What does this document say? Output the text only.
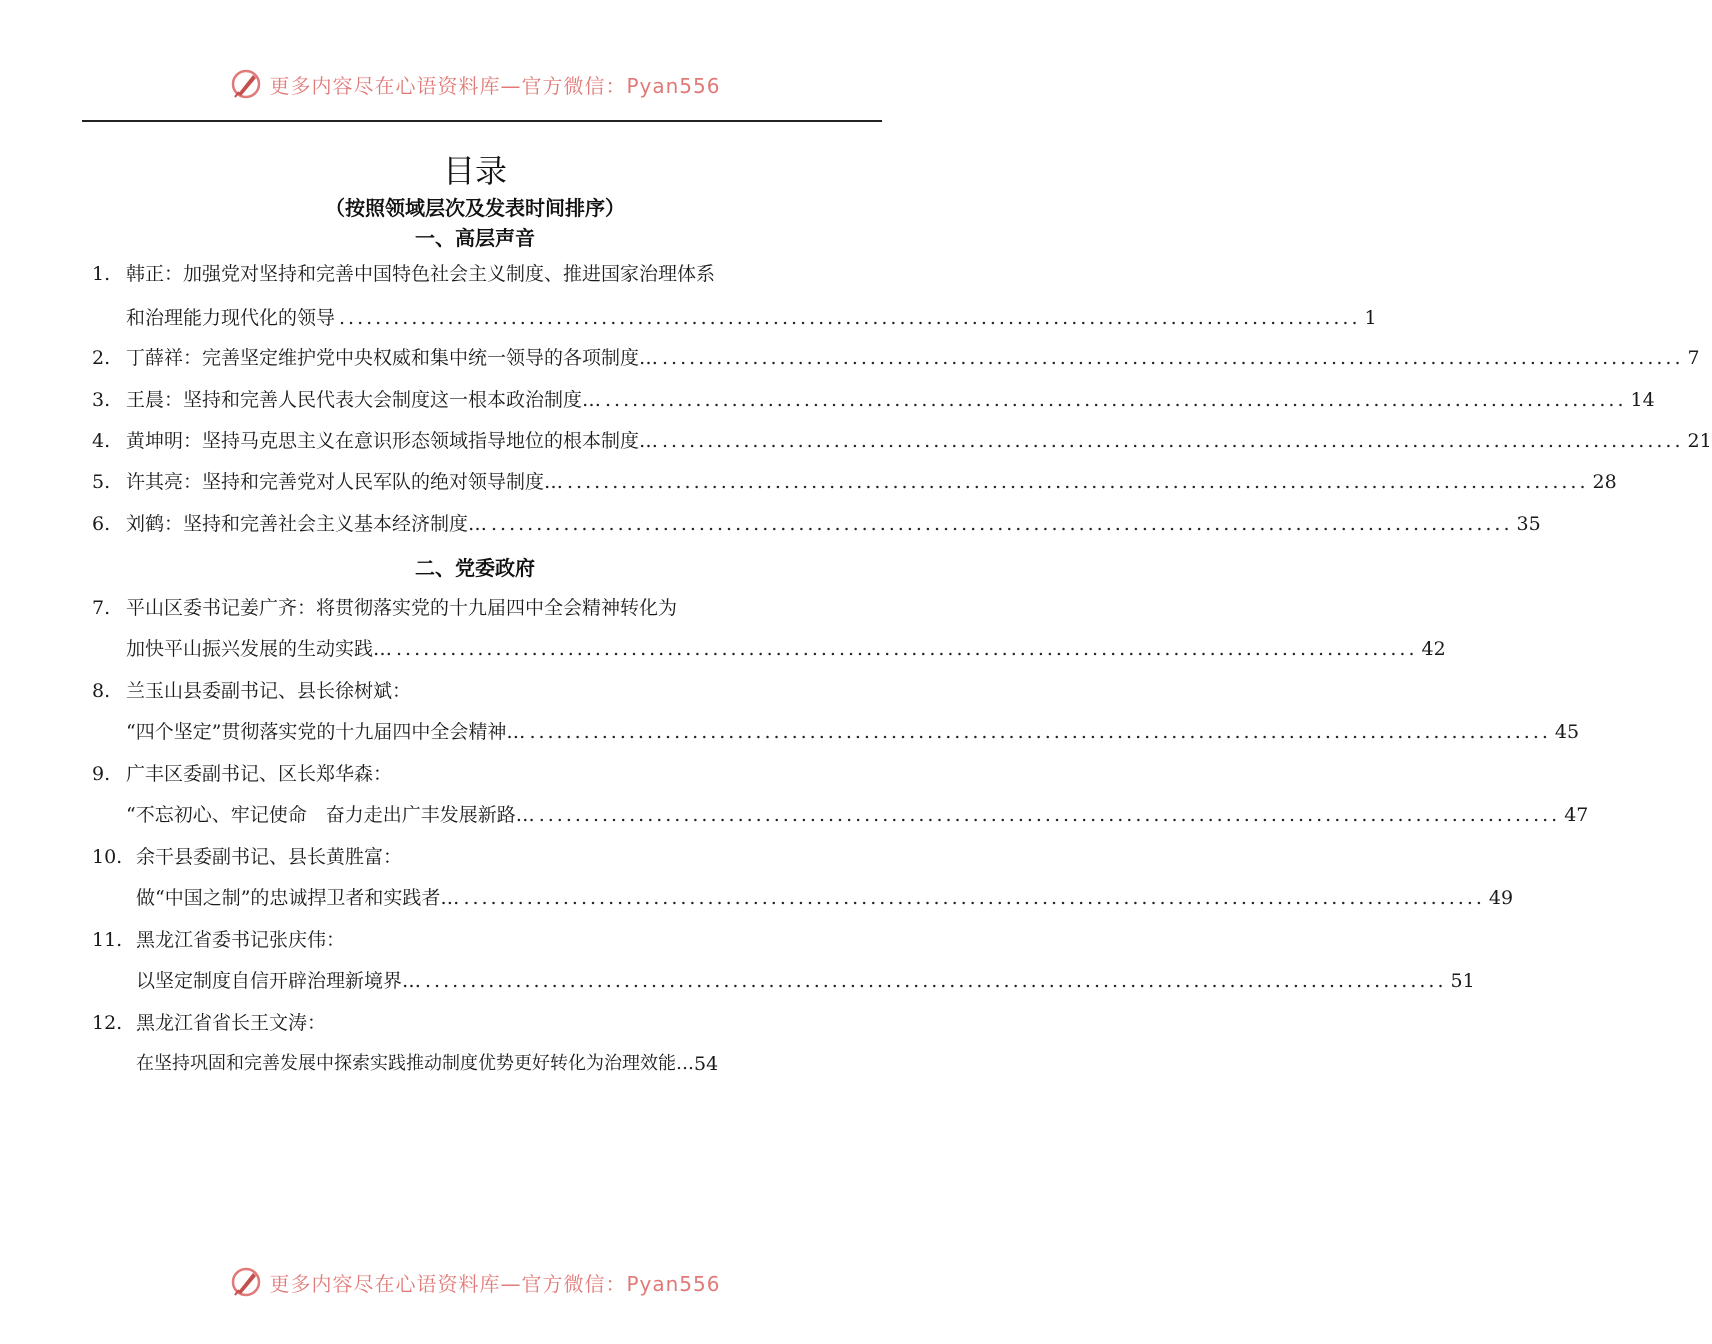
更多内容尽在心语资料库—官方微信：Pyan556
目录
（按照领域层次及发表时间排序）
一、高层声音
1. 韩正：加强党对坚持和完善中国特色社会主义制度、推进国家治理体系
和治理能力现代化的领导 ................................................................................................................. 1
2. 丁薛祥：完善坚定维护党中央权威和集中统一领导的各项制度… ................................................................................................................. 7
3. 王晨：坚持和完善人民代表大会制度这一根本政治制度… ................................................................................................................. 14
4. 黄坤明：坚持马克思主义在意识形态领域指导地位的根本制度… ................................................................................................................. 21
5. 许其亮：坚持和完善党对人民军队的绝对领导制度… ................................................................................................................. 28
6. 刘鹤：坚持和完善社会主义基本经济制度… ................................................................................................................. 35
二、党委政府
7. 平山区委书记姜广齐：将贯彻落实党的十九届四中全会精神转化为
加快平山振兴发展的生动实践… ................................................................................................................. 42
8. 兰玉山县委副书记、县长徐树斌：
“四个坚定”贯彻落实党的十九届四中全会精神… ................................................................................................................. 45
9. 广丰区委副书记、区长郑华森：
“不忘初心、牢记使命　奋力走出广丰发展新路… ................................................................................................................. 47
10. 余干县委副书记、县长黄胜富：
做“中国之制”的忠诚捍卫者和实践者… ................................................................................................................. 49
11. 黑龙江省委书记张庆伟：
以坚定制度自信开辟治理新境界… ................................................................................................................. 51
12. 黑龙江省省长王文涛：
在坚持巩固和完善发展中探索实践推动制度优势更好转化为治理效能… 54
更多内容尽在心语资料库—官方微信：Pyan556
